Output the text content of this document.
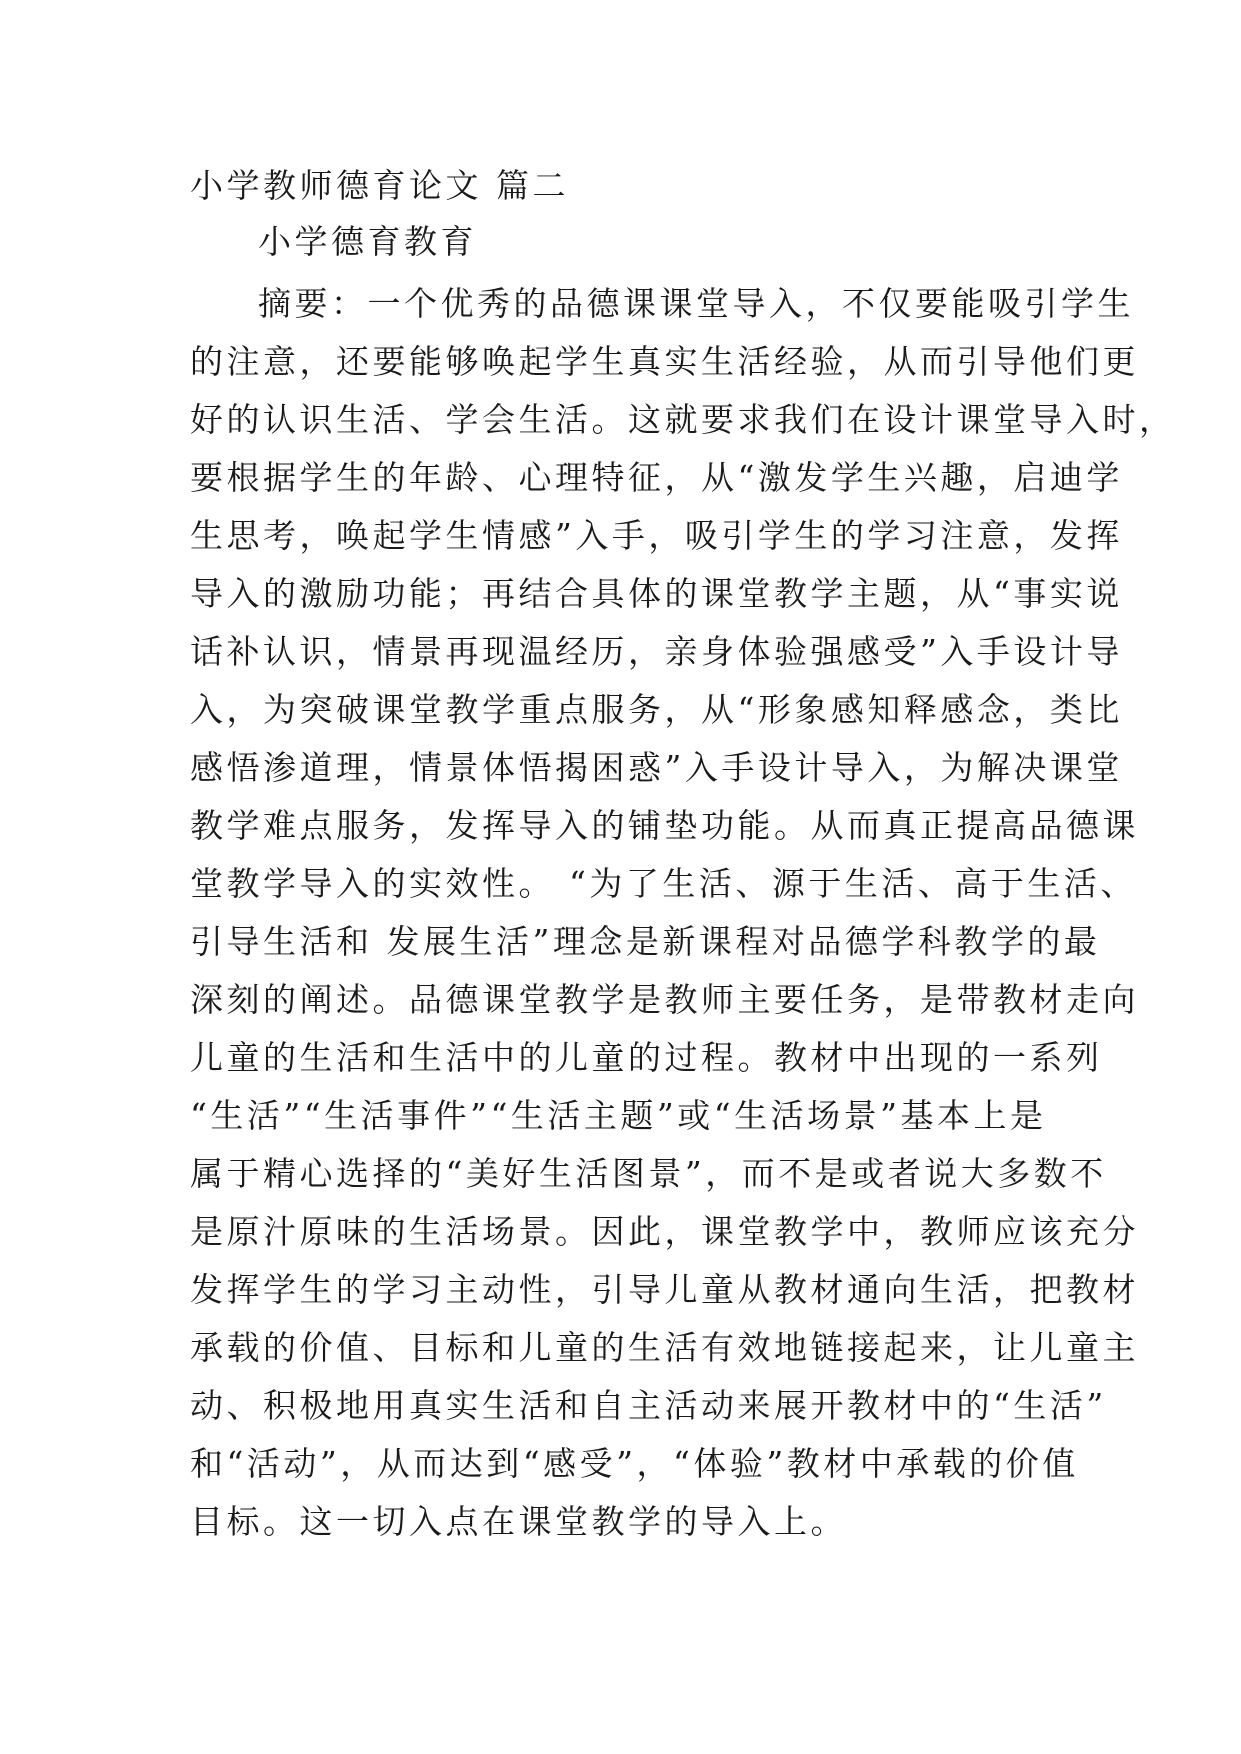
小学教师德育论文 篇二
小学德育教育
摘要：一个优秀的品德课课堂导入，不仅要能吸引学生
的注意，还要能够唤起学生真实生活经验，从而引导他们更
好的认识生活、学会生活。这就要求我们在设计课堂导入时，
要根据学生的年龄、心理特征，从“激发学生兴趣，启迪学
生思考，唤起学生情感”入手，吸引学生的学习注意，发挥
导入的激励功能；再结合具体的课堂教学主题，从“事实说
话补认识，情景再现温经历，亲身体验强感受”入手设计导
入，为突破课堂教学重点服务，从“形象感知释感念，类比
感悟渗道理，情景体悟揭困惑”入手设计导入，为解决课堂
教学难点服务，发挥导入的铺垫功能。从而真正提高品德课
堂教学导入的实效性。 “为了生活、源于生活、高于生活、
引导生活和 发展生活”理念是新课程对品德学科教学的最
深刻的阐述。品德课堂教学是教师主要任务，是带教材走向
儿童的生活和生活中的儿童的过程。教材中出现的一系列
“生活”“生活事件”“生活主题”或“生活场景”基本上是
属于精心选择的“美好生活图景”，而不是或者说大多数不
是原汁原味的生活场景。因此，课堂教学中，教师应该充分
发挥学生的学习主动性，引导儿童从教材通向生活，把教材
承载的价值、目标和儿童的生活有效地链接起来，让儿童主
动、积极地用真实生活和自主活动来展开教材中的“生活”
和“活动”，从而达到“感受”，“体验”教材中承载的价值
目标。这一切入点在课堂教学的导入上。
